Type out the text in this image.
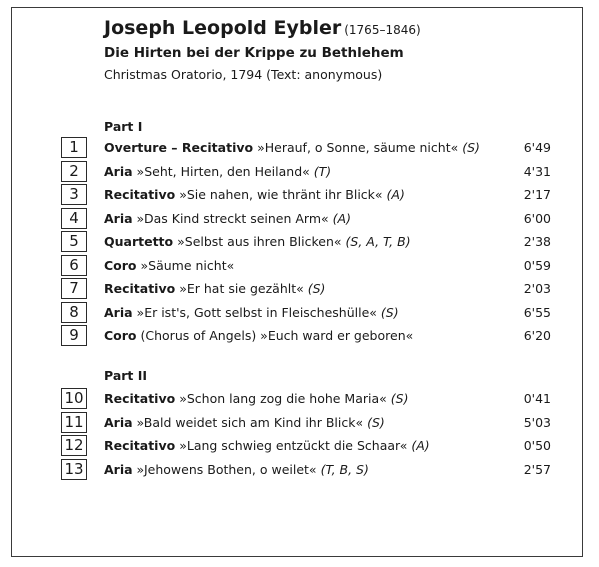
Joseph Leopold Eybler (1765–1846)
Die Hirten bei der Krippe zu Bethlehem
Christmas Oratorio, 1794 (Text: anonymous)
Part I
1	Overture – Recitativo »Herauf, o Sonne, säume nicht« (S)	6'49
2	Aria »Seht, Hirten, den Heiland« (T)	4'31
3	Recitativo »Sie nahen, wie thränt ihr Blick« (A)	2'17
4	Aria »Das Kind streckt seinen Arm« (A)	6'00
5	Quartetto »Selbst aus ihren Blicken« (S, A, T, B)	2'38
6	Coro »Säume nicht«	0'59
7	Recitativo »Er hat sie gezählt« (S)	2'03
8	Aria »Er ist's, Gott selbst in Fleischeshülle« (S)	6'55
9	Coro (Chorus of Angels) »Euch ward er geboren«	6'20
Part II
10 Recitativo »Schon lang zog die hohe Maria« (S)	0'41
11 Aria »Bald weidet sich am Kind ihr Blick« (S)	5'03
12 Recitativo »Lang schwieg entzückt die Schaar« (A)	0'50
13 Aria »Jehowens Bothen, o weilet« (T, B, S)	2'57
